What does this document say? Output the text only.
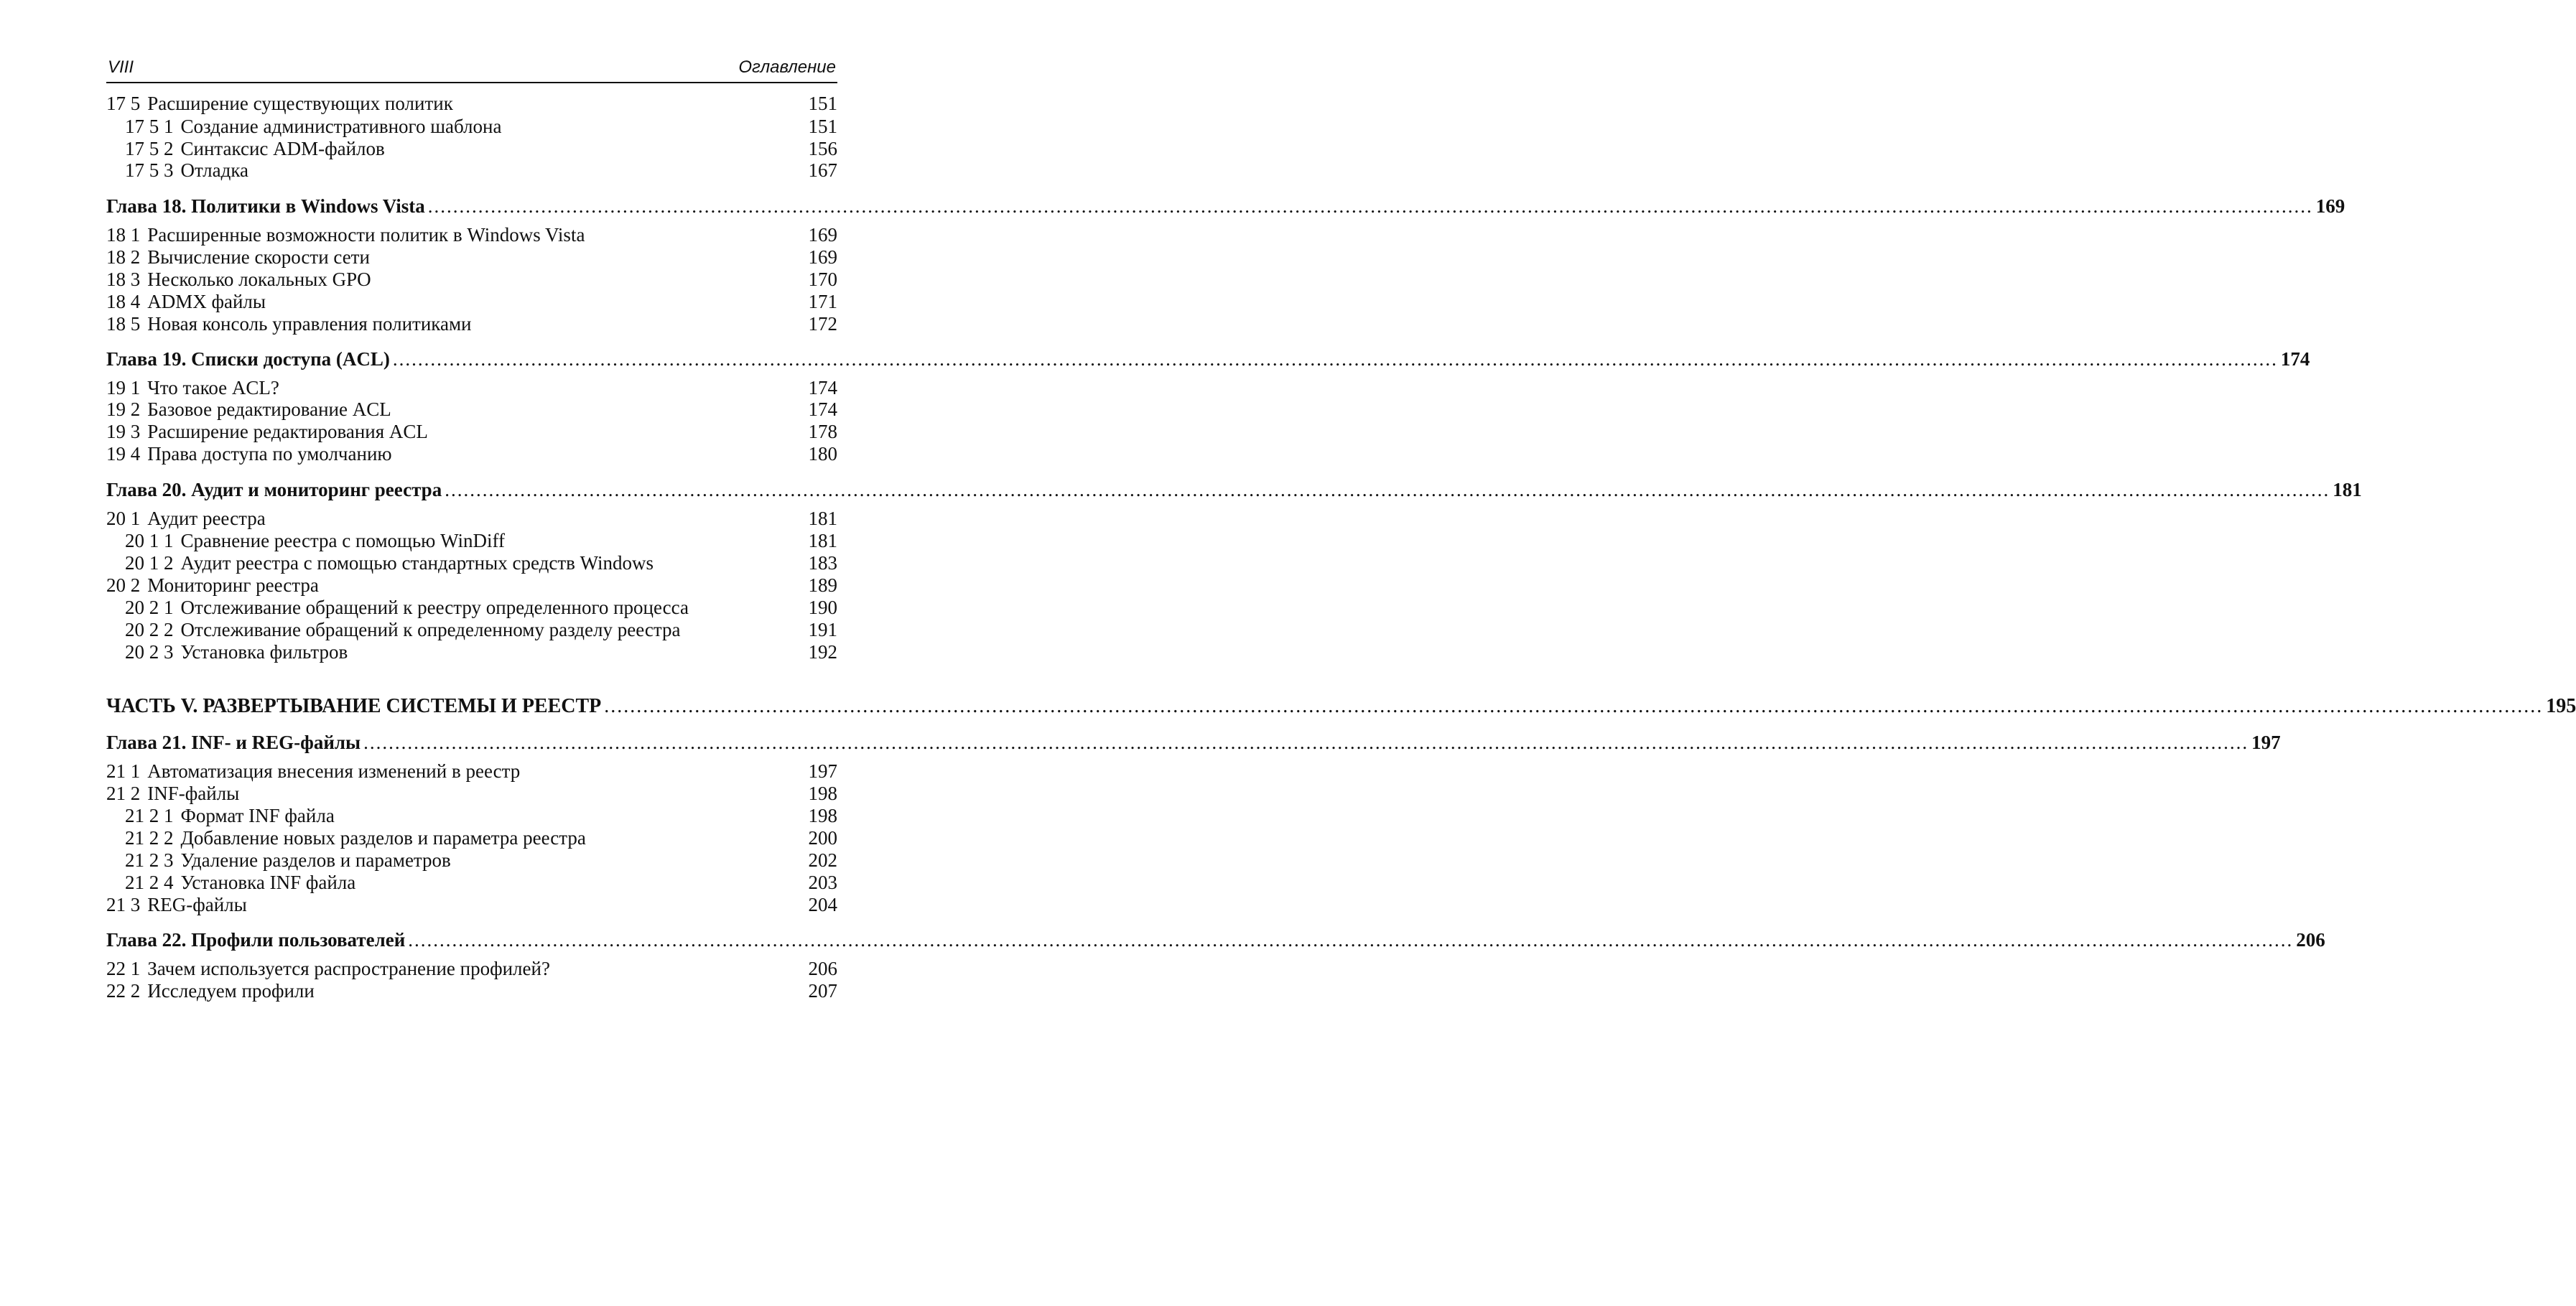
VIII	Оглавление
17 5 Расширение существующих политик	151
17 5 1 Создание административного шаблона	151
17 5 2 Синтаксис ADM-файлов	156
17 5 3 Отладка	167
Глава 18. Политики в Windows Vista ............................................................................................................................................................................................................................................................................................................ 169
18 1 Расширенные возможности политик в Windows Vista	169
18 2 Вычисление скорости сети	169
18 3 Несколько локальных GPO	170
18 4 ADMX файлы	171
18 5 Новая консоль управления политиками	172
Глава 19. Списки доступа (ACL) ............................................................................................................................................................................................................................................................................................................ 174
19 1 Что такое ACL?	174
19 2 Базовое редактирование ACL	174
19 3 Расширение редактирования ACL	178
19 4 Права доступа по умолчанию	180
Глава 20. Аудит и мониторинг реестра ............................................................................................................................................................................................................................................................................................................ 181
20 1 Аудит реестра	181
20 1 1 Сравнение реестра с помощью WinDiff	181
20 1 2 Аудит реестра с помощью стандартных средств Windows	183
20 2 Мониторинг реестра	189
20 2 1 Отслеживание обращений к реестру определенного процесса	190
20 2 2 Отслеживание обращений к определенному разделу реестра	191
20 2 3 Установка фильтров	192
ЧАСТЬ V. РАЗВЕРТЫВАНИЕ СИСТЕМЫ И РЕЕСТР ............................................................................................................................................................................................................................................................................................................ 195
Глава 21. INF- и REG-файлы ............................................................................................................................................................................................................................................................................................................ 197
21 1 Автоматизация внесения изменений в реестр	197
21 2 INF-файлы	198
21 2 1 Формат INF файла	198
21 2 2 Добавление новых разделов и параметра реестра	200
21 2 3 Удаление разделов и параметров	202
21 2 4 Установка INF файла	203
21 3 REG-файлы	204
Глава 22. Профили пользователей ............................................................................................................................................................................................................................................................................................................ 206
22 1 Зачем используется распространение профилей?	206
22 2 Исследуем профили	207
